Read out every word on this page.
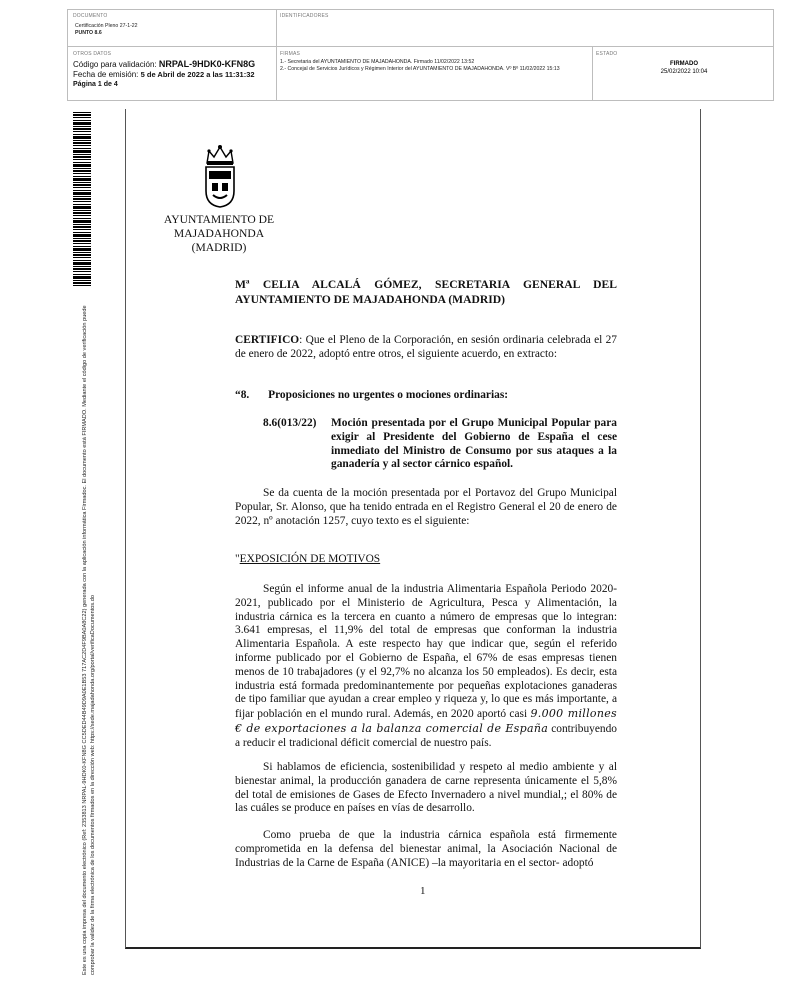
DOCUMENTO
Certificación Pleno 27-1-22
PUNTO 8.6
IDENTIFICADORES
OTROS DATOS
Código para validación: NRPAL-9HDK0-KFN8G
Fecha de emisión: 5 de Abril de 2022 a las 11:31:32
Página 1 de 4
FIRMAS
1.- Secretaria del AYUNTAMIENTO DE MAJADAHONDA. Firmado 11/02/2022 13:52
2.- Concejal de Servicios Jurídicos y Régimen Interior del AYUNTAMIENTO DE MAJADAHONDA. Vº Bº 11/02/2022 15:13
ESTADO
FIRMADO
25/02/2022 10:04
Este es una copia impresa del documento electrónico (Ref: 2353813 NRPAL-9HDK0-KFN8G CC5DED44B49D9A0E1B53 717AC2D4F9BA0A8C22) generada con la aplicación informática Firmadoc. El documento está FIRMADO. Mediante el código de verificación puede comprobar la validez de la firma electrónica de los documentos firmados en la dirección web: https://sede.majadahonda.org/portal/verificaDocumentos.do
AYUNTAMIENTO DE
MAJADAHONDA
(MADRID)
Mª CELIA ALCALÁ GÓMEZ, SECRETARIA GENERAL DEL AYUNTAMIENTO DE MAJADAHONDA (MADRID)
CERTIFICO: Que el Pleno de la Corporación, en sesión ordinaria celebrada el 27 de enero de 2022, adoptó entre otros, el siguiente acuerdo, en extracto:
“8. Proposiciones no urgentes o mociones ordinarias:
8.6(013/22)	Moción presentada por el Grupo Municipal Popular para exigir al Presidente del Gobierno de España el cese inmediato del Ministro de Consumo por sus ataques a la ganadería y al sector cárnico español.

Se da cuenta de la moción presentada por el Portavoz del Grupo Municipal Popular, Sr. Alonso, que ha tenido entrada en el Registro General el 20 de enero de 2022, nº anotación 1257, cuyo texto es el siguiente:

"EXPOSICIÓN DE MOTIVOS

Según el informe anual de la industria Alimentaria Española Periodo 2020-2021, publicado por el Ministerio de Agricultura, Pesca y Alimentación, la industria cárnica es la tercera en cuanto a número de empresas que lo integran: 3.641 empresas, el 11,9% del total de empresas que conforman la industria Alimentaria Española. A este respecto hay que indicar que, según el referido informe publicado por el Gobierno de España, el 67% de esas empresas tienen menos de 10 trabajadores (y el 92,7% no alcanza los 50 empleados). Es decir, esta industria está formada predominantemente por pequeñas explotaciones ganaderas de tipo familiar que ayudan a crear empleo y riqueza y, lo que es más importante, a fijar población en el mundo rural. Además, en 2020 aportó casi 9.000 millones € de exportaciones a la balanza comercial de España contribuyendo a reducir el tradicional déficit comercial de nuestro país.

Si hablamos de eficiencia, sostenibilidad y respeto al medio ambiente y al bienestar animal, la producción ganadera de carne representa únicamente el 5,8% del total de emisiones de Gases de Efecto Invernadero a nivel mundial,; el 80% de las cuáles se produce en países en vías de desarrollo.

Como prueba de que la industria cárnica española está firmemente comprometida en la defensa del bienestar animal, la Asociación Nacional de Industrias de la Carne de España (ANICE) –la mayoritaria en el sector- adoptó

1
